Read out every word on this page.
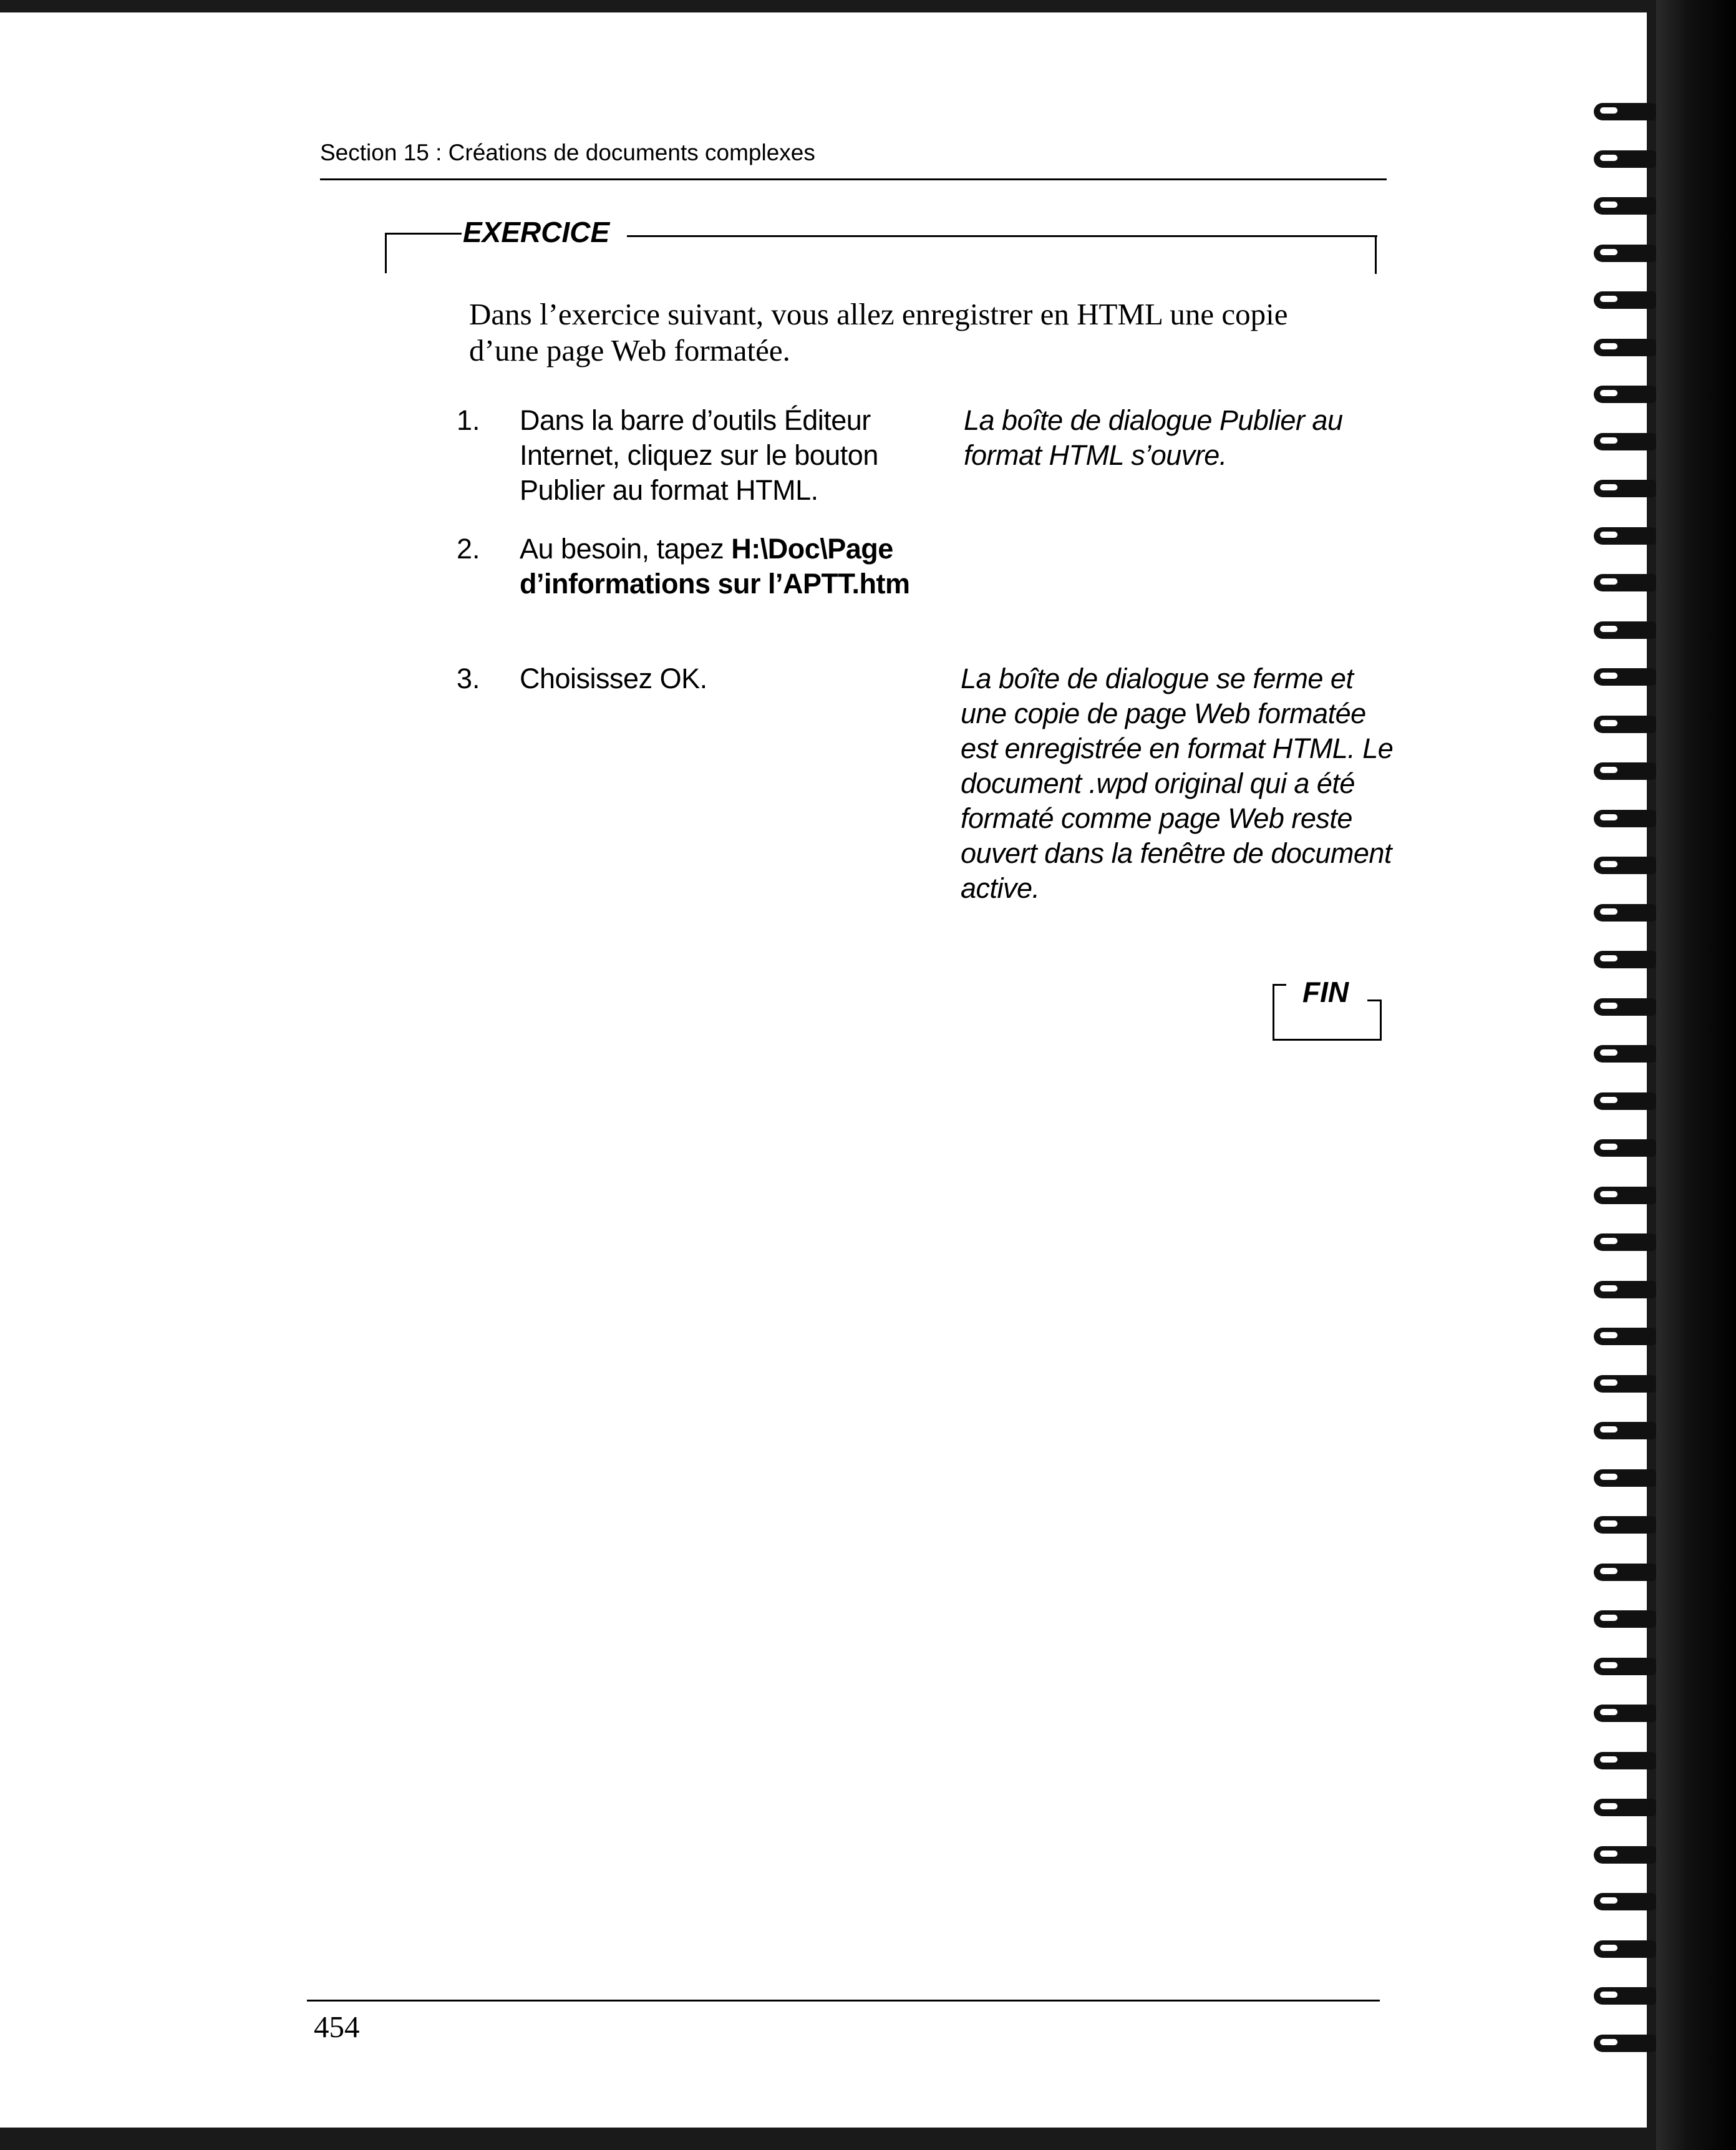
Section 15 : Créations de documents complexes
EXERCICE
Dans l’exercice suivant, vous allez enregistrer en HTML une copie d’une page Web formatée.
1. Dans la barre d’outils Éditeur Internet, cliquez sur le bouton Publier au format HTML.
La boîte de dialogue Publier au format HTML s’ouvre.
2. Au besoin, tapez H:\Doc\Page d’informations sur l’APTT.htm
3. Choisissez OK.	La boîte de dialogue se ferme et une copie de page Web formatée est enregistrée en format HTML. Le document .wpd original qui a été formaté comme page Web reste ouvert dans la fenêtre de document active.
FIN
454
